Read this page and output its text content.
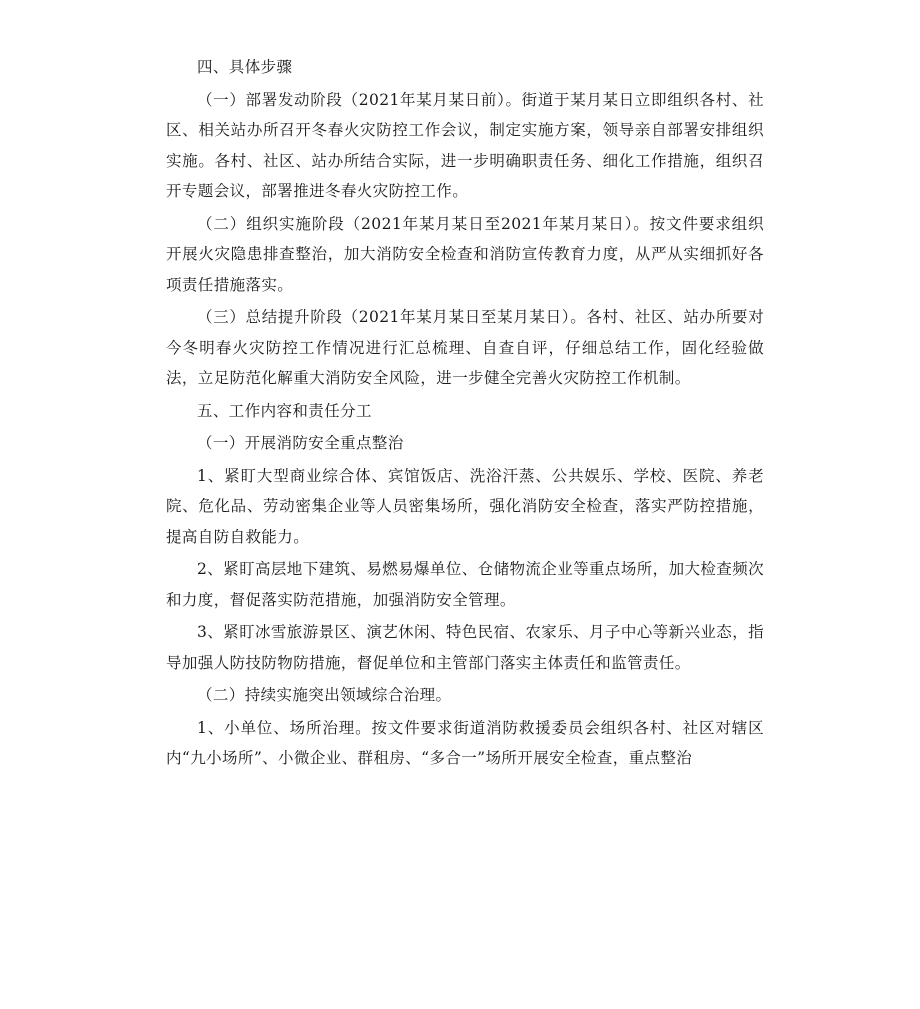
四、具体步骤

（一）部署发动阶段（2021年某月某日前）。街道于某月某日立即组织各村、社区、相关站办所召开冬春火灾防控工作会议，制定实施方案，领导亲自部署安排组织实施。各村、社区、站办所结合实际，进一步明确职责任务、细化工作措施，组织召开专题会议，部署推进冬春火灾防控工作。

（二）组织实施阶段（2021年某月某日至2021年某月某日）。按文件要求组织开展火灾隐患排查整治，加大消防安全检查和消防宣传教育力度，从严从实细抓好各项责任措施落实。

（三）总结提升阶段（2021年某月某日至某月某日）。各村、社区、站办所要对今冬明春火灾防控工作情况进行汇总梳理、自查自评，仔细总结工作，固化经验做法，立足防范化解重大消防安全风险，进一步健全完善火灾防控工作机制。

五、工作内容和责任分工

（一）开展消防安全重点整治

1、紧盯大型商业综合体、宾馆饭店、洗浴汗蒸、公共娱乐、学校、医院、养老院、危化品、劳动密集企业等人员密集场所，强化消防安全检查，落实严防控措施，提高自防自救能力。

2、紧盯高层地下建筑、易燃易爆单位、仓储物流企业等重点场所，加大检查频次和力度，督促落实防范措施，加强消防安全管理。

3、紧盯冰雪旅游景区、演艺休闲、特色民宿、农家乐、月子中心等新兴业态，指导加强人防技防物防措施，督促单位和主管部门落实主体责任和监管责任。

（二）持续实施突出领域综合治理。

1、小单位、场所治理。按文件要求街道消防救援委员会组织各村、社区对辖区内“九小场所”、小微企业、群租房、“多合一”场所开展安全检查，重点整治
